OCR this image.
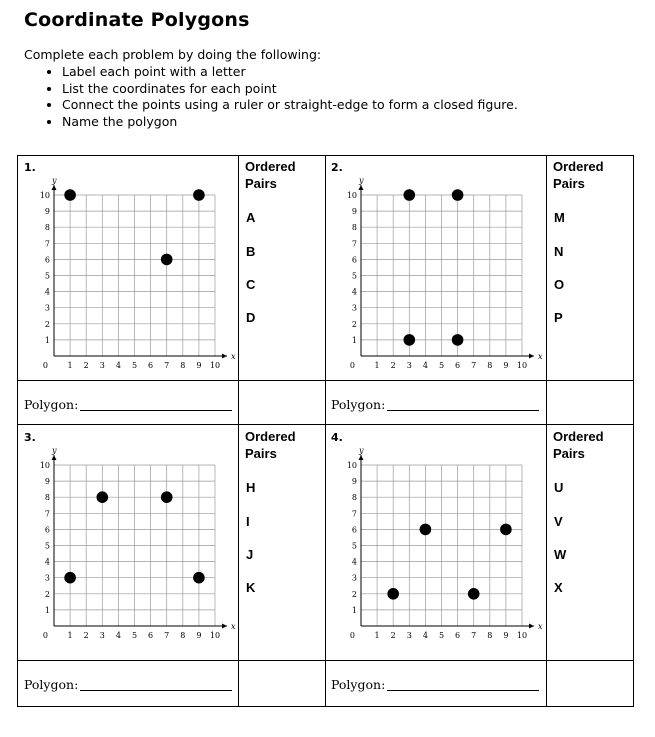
Coordinate Polygons
Complete each problem by doing the following:
• Label each point with a letter
• List the coordinates for each point
• Connect the points using a ruler or straight-edge to form a closed figure.
• Name the polygon
1.
x
y
0 1
1
2
2
3
3
4
4
5
5
6
6
7
7
8
8
9
9
10
10
Ordered
Pairs
A
B
C
D
2.
x
y
0 1
1
2
2
3
3
4
4
5
5
6
6
7
7
8
8
9
9
10
10
Ordered
Pairs
M
N
O
P
Polygon:	Polygon:
3.
x
y
0 1
1
2
2
3
3
4
4
5
5
6
6
7
7
8
8
9
9
10
10
Ordered
Pairs
H
I
J
K
4.
x
y
0 1
1
2
2
3
3
4
4
5
5
6
6
7
7
8
8
9
9
10
10
Ordered
Pairs
U
V
W
X
Polygon:	Polygon:
